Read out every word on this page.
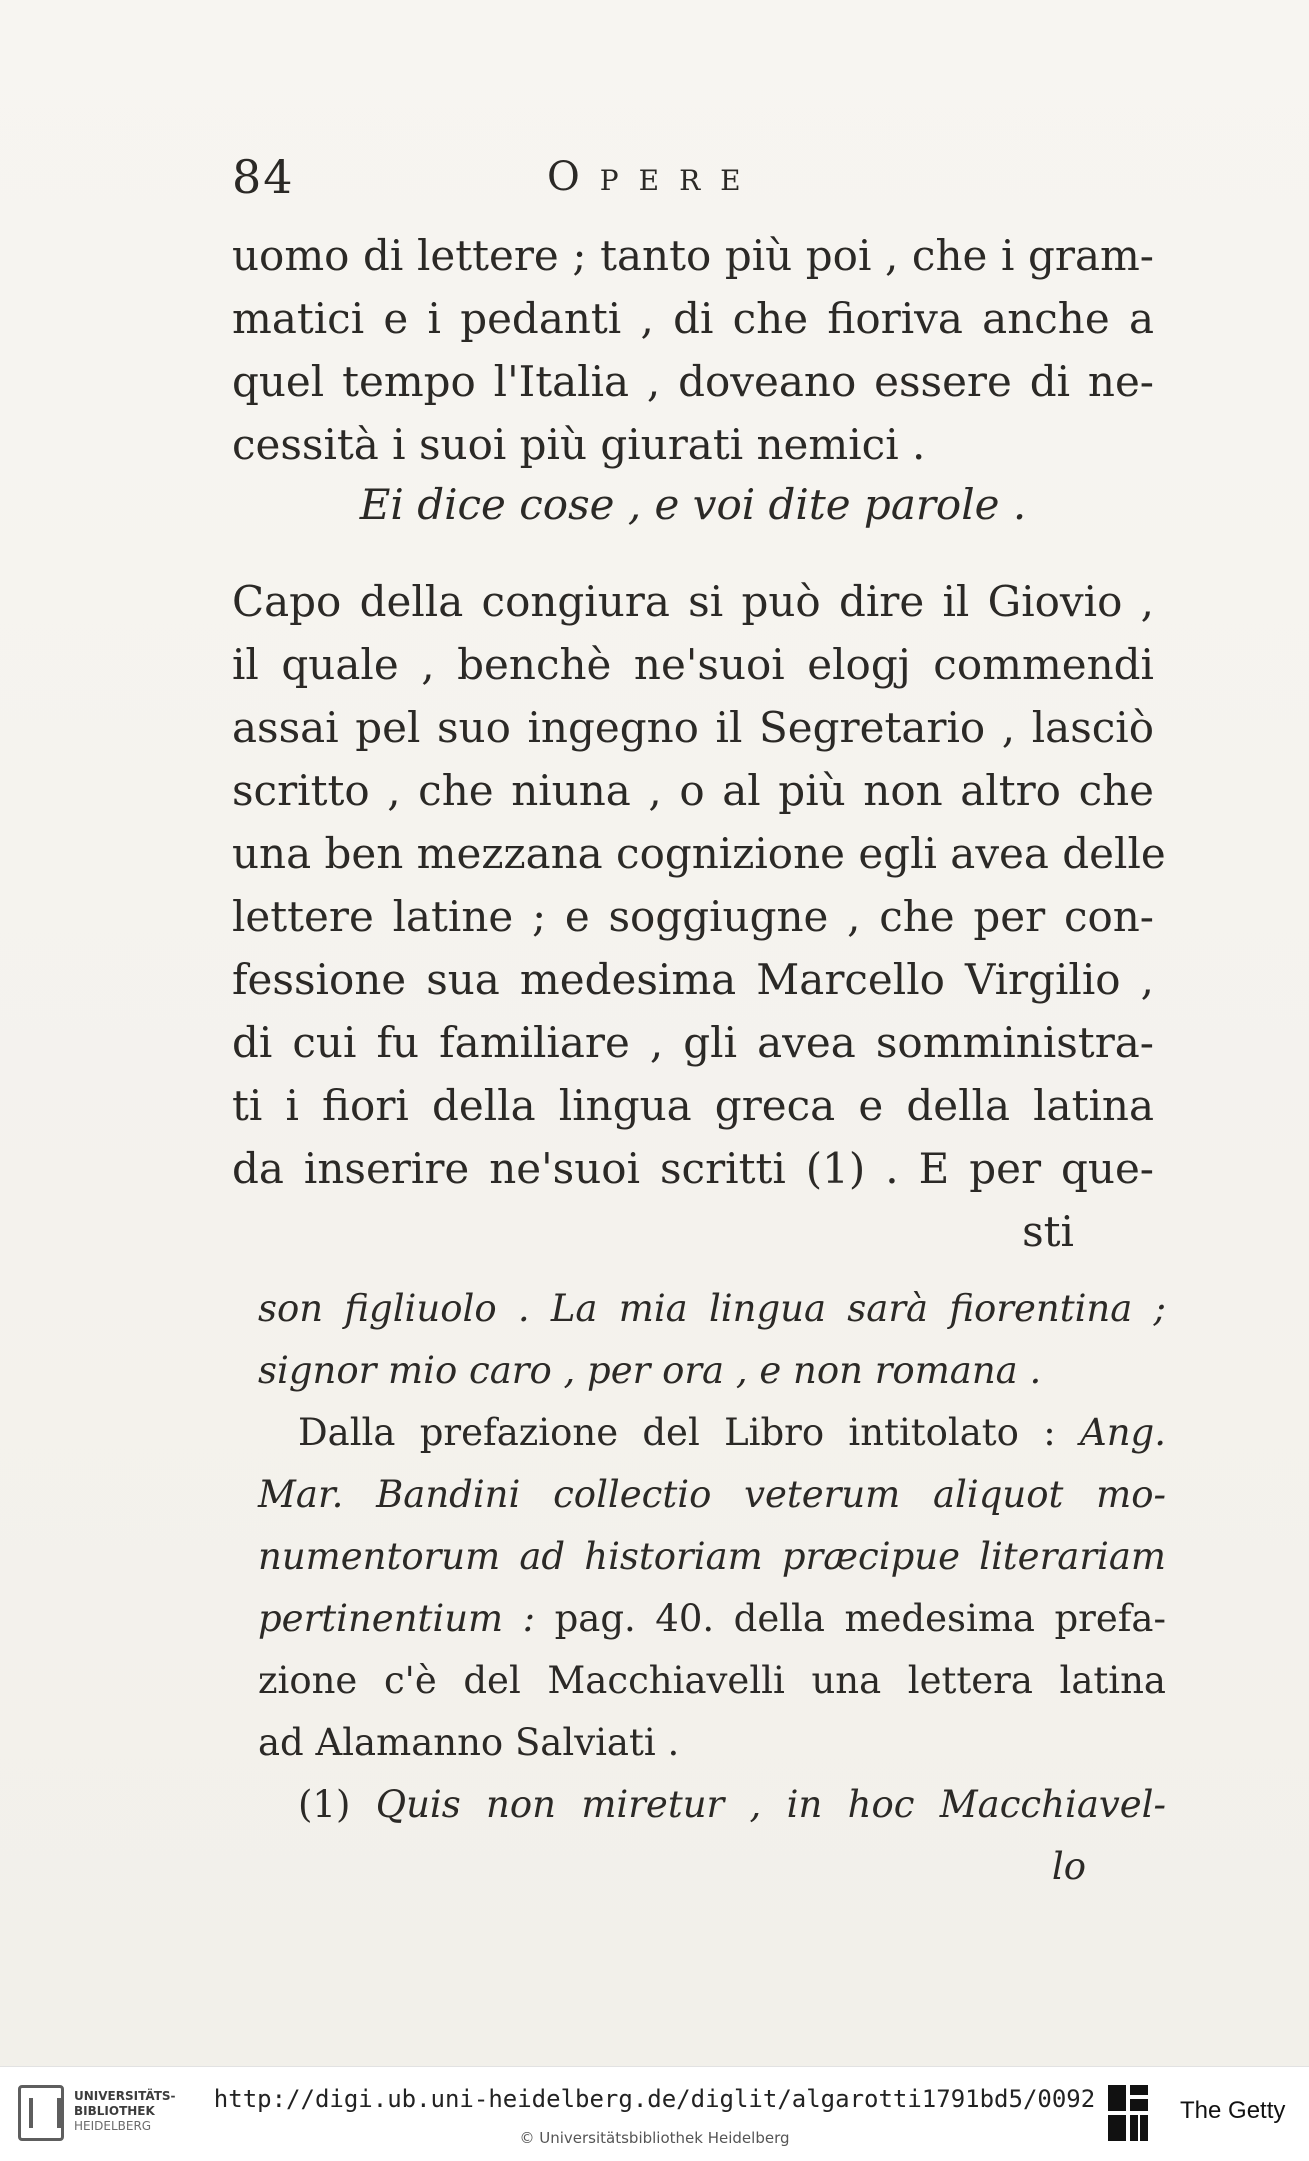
84	Opere
uomo di lettere ; tanto più poi , che i gram-
matici e i pedanti , di che fioriva anche a
quel tempo l'Italia , doveano essere di ne-
cessità i suoi più giurati nemici .
Ei dice cose , e voi dite parole .
Capo della congiura si può dire il Giovio ,
il quale , benchè ne'suoi elogj commendi
assai pel suo ingegno il Segretario , lasciò
scritto , che niuna , o al più non altro che
una ben mezzana cognizione egli avea delle
lettere latine ; e soggiugne , che per con-
fessione sua medesima Marcello Virgilio ,
di cui fu familiare , gli avea somministra-
ti i fiori della lingua greca e della latina
da inserire ne'suoi scritti (1) . E per que-
sti
son figliuolo . La mia lingua sarà fiorentina ;
signor mio caro , per ora , e non romana .
Dalla prefazione del Libro intitolato : Ang.
Mar. Bandini collectio veterum aliquot mo-
numentorum ad historiam præcipue literariam
pertinentium : pag. 40. della medesima prefa-
zione c'è del Macchiavelli una lettera latina
ad Alamanno Salviati .
(1) Quis non miretur , in hoc Macchiavel-
lo
UNIVERSITÄTS-
BIBLIOTHEK
HEIDELBERG
http://digi.ub.uni-heidelberg.de/diglit/algarotti1791bd5/0092
© Universitätsbibliothek Heidelberg
The Getty
